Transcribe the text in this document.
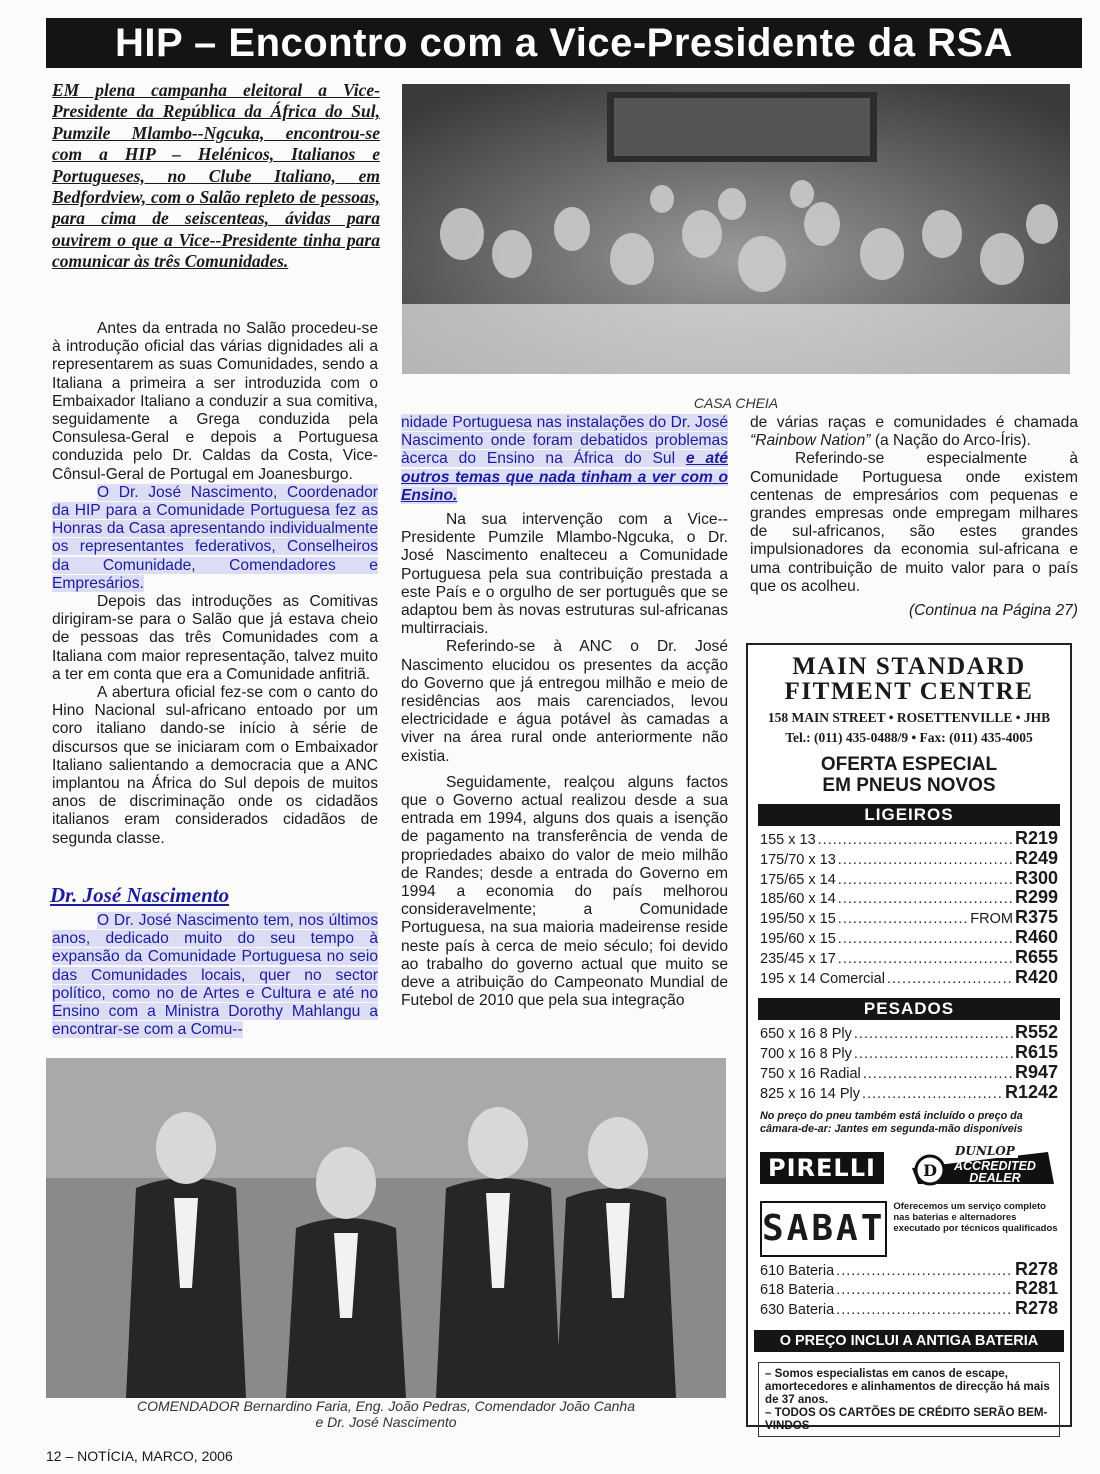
HIP – Encontro com a Vice-Presidente da RSA
EM plena campanha eleitoral a Vice-Presidente da República da África do Sul, Pumzile Mlambo--Ngcuka, encontrou-se com a HIP – Helénicos, Italianos e Portugueses, no Clube Italiano, em Bedfordview, com o Salão repleto de pessoas, para cima de seiscenteas, ávidas para ouvirem o que a Vice--Presidente tinha para comunicar às três Comunidades.

Antes da entrada no Salão procedeu-se à introdução oficial das várias dignidades ali a representarem as suas Comunidades, sendo a Italiana a primeira a ser introduzida com o Embaixador Italiano a conduzir a sua comitiva, seguidamente a Grega conduzida pela Consulesa-Geral e depois a Portuguesa conduzida pelo Dr. Caldas da Costa, Vice-Cônsul-Geral de Portugal em Joanesburgo.

O Dr. José Nascimento, Coordenador da HIP para a Comunidade Portuguesa fez as Honras da Casa apresentando individualmente os representantes federativos, Conselheiros da Comunidade, Comendadores e Empresários.

Depois das introduções as Comitivas dirigiram-se para o Salão que já estava cheio de pessoas das três Comunidades com a Italiana com maior representação, talvez muito a ter em conta que era a Comunidade anfitriã.

A abertura oficial fez-se com o canto do Hino Nacional sul-africano entoado por um coro italiano dando-se início à série de discursos que se iniciaram com o Embaixador Italiano salientando a democracia que a ANC implantou na África do Sul depois de muitos anos de discriminação onde os cidadãos italianos eram considerados cidadãos de segunda classe.

Dr. José Nascimento

O Dr. José Nascimento tem, nos últimos anos, dedicado muito do seu tempo à expansão da Comunidade Portuguesa no seio das Comunidades locais, quer no sector político, como no de Artes e Cultura e até no Ensino com a Ministra Dorothy Mahlangu a encontrar-se com a Comu--

CASA CHEIA

nidade Portuguesa nas instalações do Dr. José Nascimento onde foram debatidos problemas àcerca do Ensino na África do Sul e até outros temas que nada tinham a ver com o Ensino.

Na sua intervenção com a Vice--Presidente Pumzile Mlambo-Ngcuka, o Dr. José Nascimento enalteceu a Comunidade Portuguesa pela sua contribuição prestada a este País e o orgulho de ser português que se adaptou bem às novas estruturas sul-africanas multirraciais.

Referindo-se à ANC o Dr. José Nascimento elucidou os presentes da acção do Governo que já entregou milhão e meio de residências aos mais carenciados, levou electricidade e água potável às camadas a viver na área rural onde anteriormente não existia.

Seguidamente, realçou alguns factos que o Governo actual realizou desde a sua entrada em 1994, alguns dos quais a isenção de pagamento na transferência de venda de propriedades abaixo do valor de meio milhão de Randes; desde a entrada do Governo em 1994 a economia do país melhorou consideravelmente; a Comunidade Portuguesa, na sua maioria madeirense reside neste país à cerca de meio século; foi devido ao trabalho do governo actual que muito se deve a atribuição do Campeonato Mundial de Futebol de 2010 que pela sua integração

de várias raças e comunidades é chamada “Rainbow Nation” (a Nação do Arco-Íris).

Referindo-se especialmente à Comunidade Portuguesa onde existem centenas de empresários com pequenas e grandes empresas onde empregam milhares de sul-africanos, são estes grandes impulsionadores da economia sul-africana e uma contribuição de muito valor para o país que os acolheu.

(Continua na Página 27)

COMENDADOR Bernardino Faria, Eng. João Pedras, Comendador João Canha
e Dr. José Nascimento
MAIN STANDARD
FITMENT CENTRE
158 MAIN STREET • ROSETTENVILLE • JHB
Tel.: (011) 435-0488/9 • Fax: (011) 435-4005
OFERTA ESPECIAL
EM PNEUS NOVOS
LIGEIROS
155 x 13 .....	R219
175/70 x 13 .....	R249
175/65 x 14 .....	R300
185/60 x 14 .....	R299
195/50 x 15 .....	FROM R375
195/60 x 15 .....	R460
235/45 x 17 .....	R655
195 x 14 Comercial .....	R420
PESADOS
650 x 16 8 Ply .....	R552
700 x 16 8 Ply .....	R615
750 x 16 Radial .....	R947
825 x 16 14 Ply .....	R1242
No preço do pneu também está incluído o preço da câmara-de-ar: Jantes em segunda-mão disponíveis
PIRELLI	D
DUNLOP
ACCREDITED
DEALER
SABAT
Oferecemos um serviço completo nas baterias e alternadores executado por técnicos qualificados
610 Bateria .....	R278
618 Bateria .....	R281
630 Bateria .....	R278
O PREÇO INCLUI A ANTIGA BATERIA
– Somos especialistas em canos de escape, amortecedores e alinhamentos de direcção há mais de 37 anos.
– TODOS OS CARTÕES DE CRÉDITO SERÃO BEM-VINDOS
12 – NOTÍCIA, MARCO, 2006
